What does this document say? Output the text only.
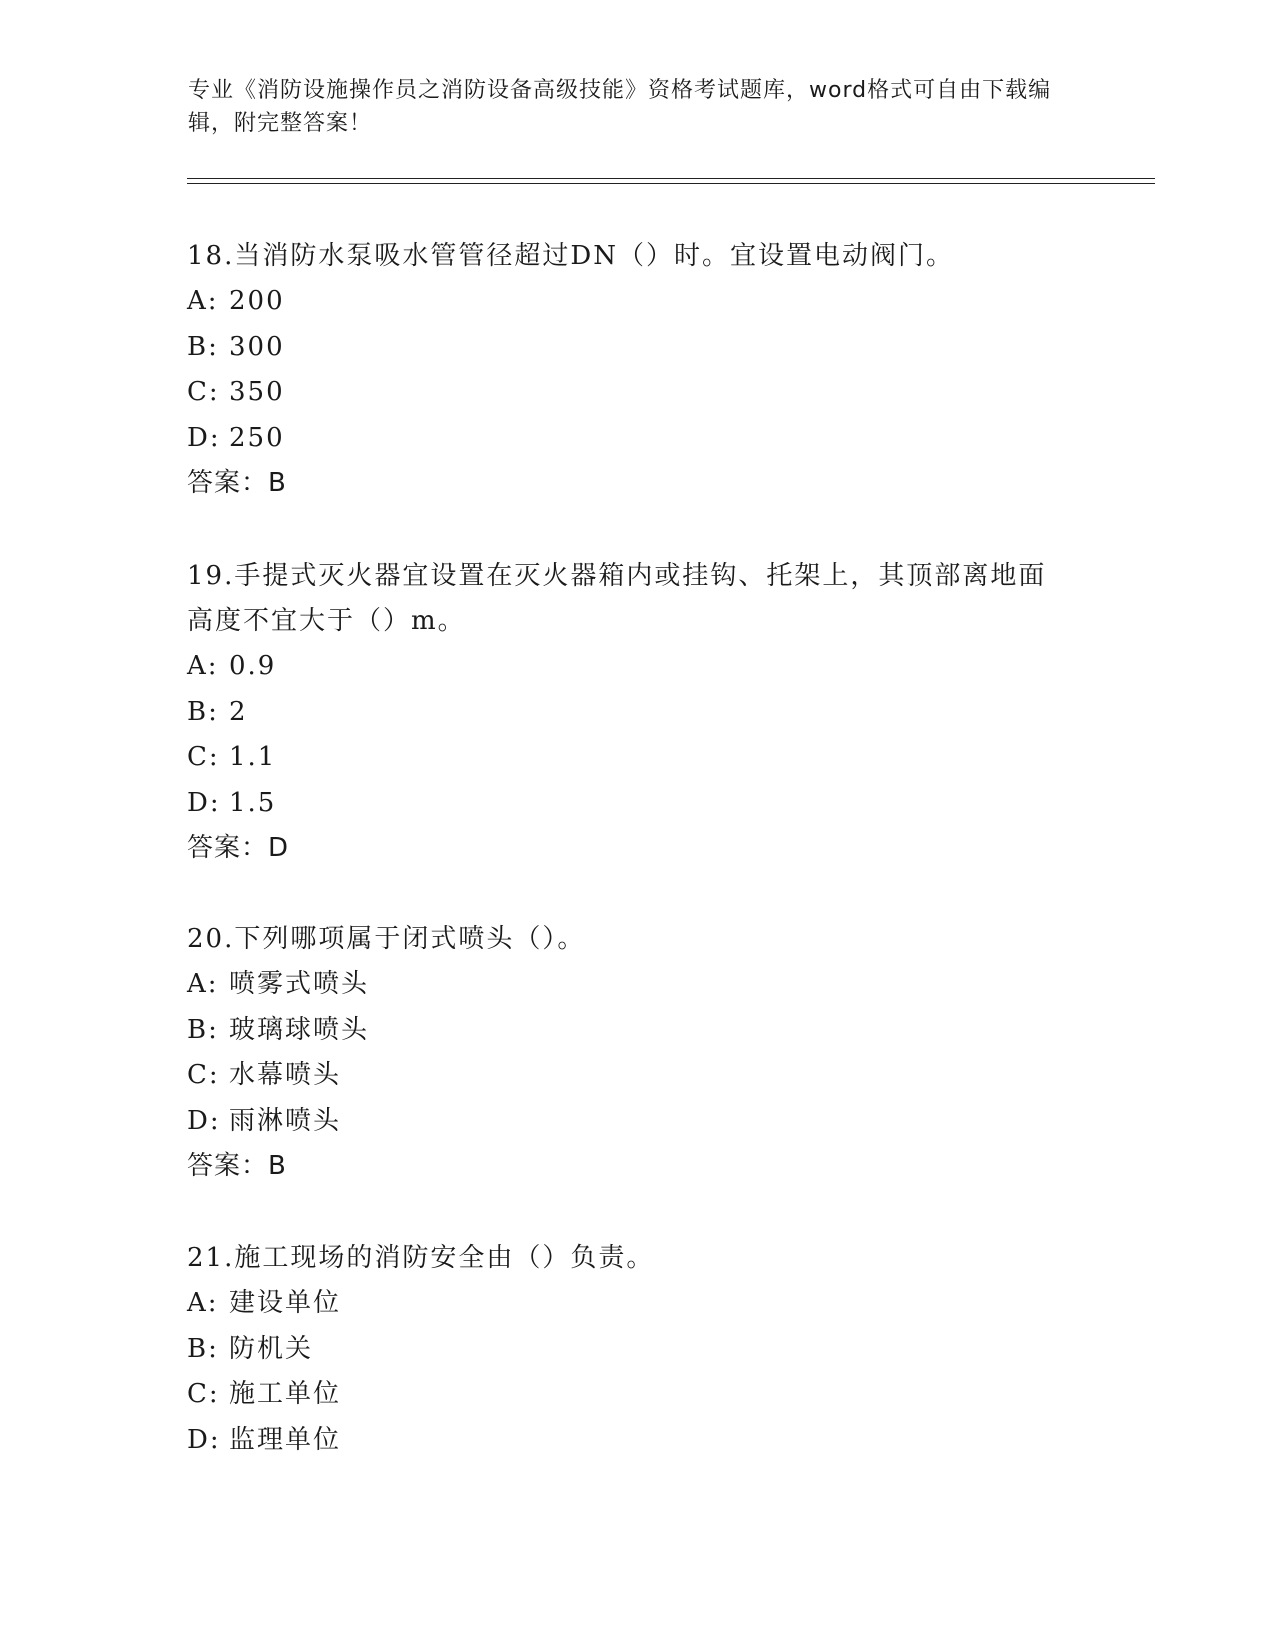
专业《消防设施操作员之消防设备高级技能》资格考试题库，word格式可自由下载编辑，附完整答案！
18.当消防水泵吸水管管径超过DN（）时。宜设置电动阀门。
A: 200
B: 300
C: 350
D: 250
答案：B
19.手提式灭火器宜设置在灭火器箱内或挂钩、托架上，其顶部离地面高度不宜大于（）m。
A: 0.9
B: 2
C: 1.1
D: 1.5
答案：D
20.下列哪项属于闭式喷头（）。
A: 喷雾式喷头
B: 玻璃球喷头
C: 水幕喷头
D: 雨淋喷头
答案：B
21.施工现场的消防安全由（）负责。
A: 建设单位
B: 防机关
C: 施工单位
D: 监理单位
